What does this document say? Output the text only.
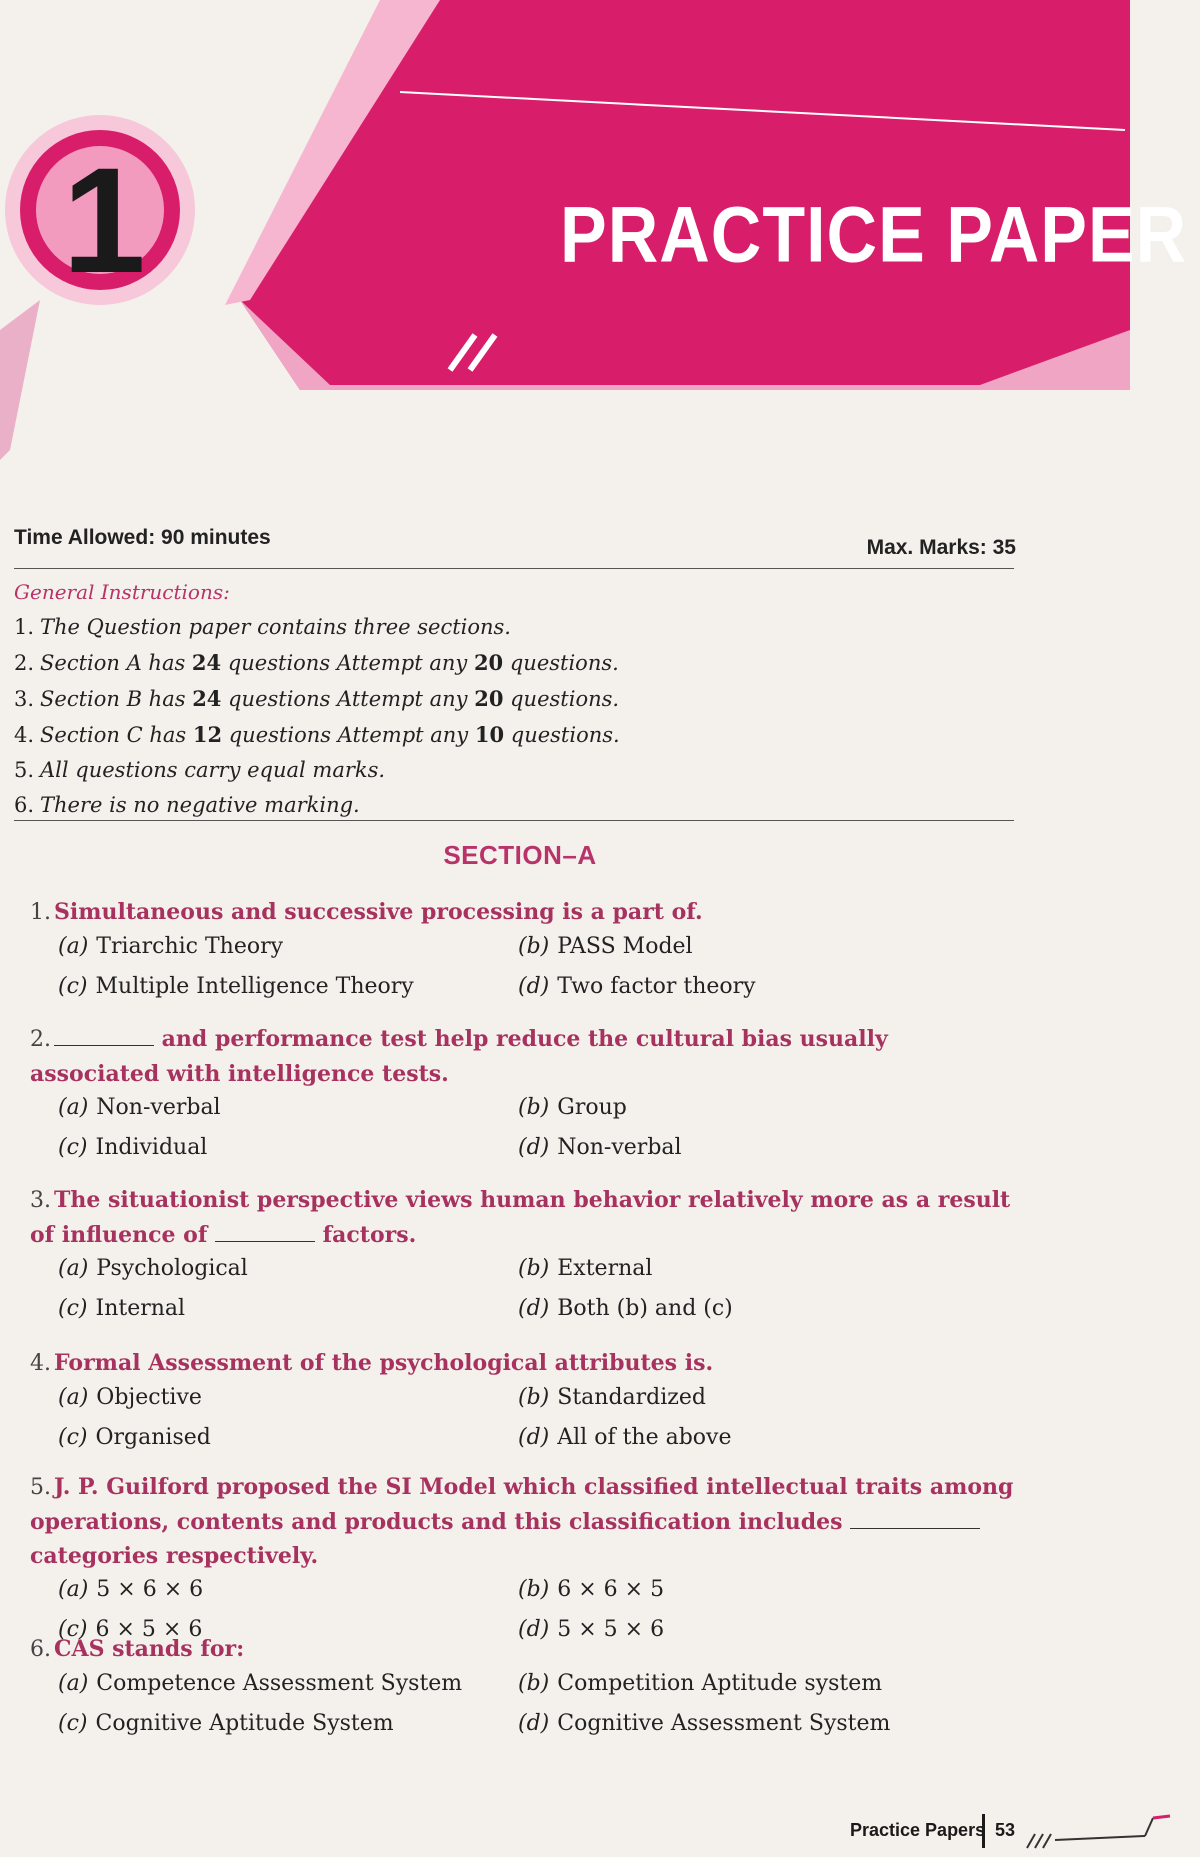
1	PRACTICE PAPER
Time Allowed: 90 minutes	Max. Marks: 35
General Instructions:
1. The Question paper contains three sections.
2. Section A has 24 questions Attempt any 20 questions.
3. Section B has 24 questions Attempt any 20 questions.
4. Section C has 12 questions Attempt any 10 questions.
5. All questions carry equal marks.
6. There is no negative marking.
SECTION–A
1. Simultaneous and successive processing is a part of.
(a) Triarchic Theory	(b) PASS Model
(c) Multiple Intelligence Theory	(d) Two factor theory
2.	and performance test help reduce the cultural bias usually associated with intelligence tests.
(a) Non-verbal	(b) Group
(c) Individual	(d) Non-verbal
3. The situationist perspective views human behavior relatively more as a result of influence of	factors.
(a) Psychological	(b) External
(c) Internal	(d) Both (b) and (c)
4. Formal Assessment of the psychological attributes is.
(a) Objective	(b) Standardized
(c) Organised	(d) All of the above
5. J. P. Guilford proposed the SI Model which classified intellectual traits among operations, contents and products and this classification includes  categories respectively.
(a) 5 × 6 × 6	(b) 6 × 6 × 5
(c) 6 × 5 × 6	(d) 5 × 5 × 6
6. CAS stands for:
(a) Competence Assessment System	(b) Competition Aptitude system
(c) Cognitive Aptitude System	(d) Cognitive Assessment System
Practice Papers 53
